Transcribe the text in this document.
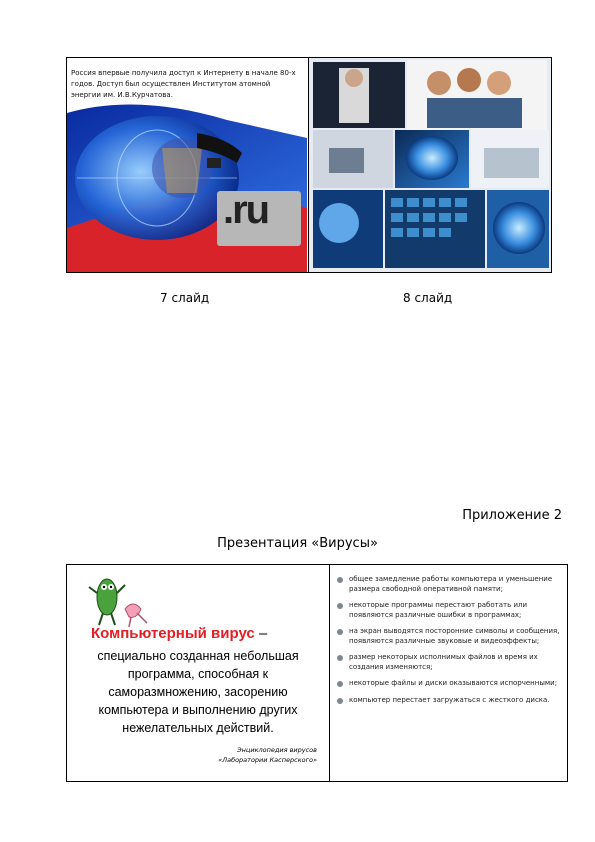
Россия впервые получила доступ к Интернету в начале 80-х годов. Доступ был осуществлен Институтом атомной энергии им. И.В.Курчатова.
.ru
7 слайд	8 слайд
Приложение 2
Презентация «Вирусы»
Компьютерный вирус –
специально созданная небольшая программа, способная к саморазмножению, засорению компьютера и выполнению других нежелательных действий.
Энциклопедия вирусов
«Лаборатории Касперского»
общее замедление работы компьютера и уменьшение размера свободной оперативной памяти;
некоторые программы перестают работать или появляются различные ошибки в программах;
на экран выводятся посторонние символы и сообщения, появляются различные звуковые и видеоэффекты;
размер некоторых исполнимых файлов и время их создания изменяются;
некоторые файлы и диски оказываются испорченными;
компьютер перестает загружаться с жесткого диска.
